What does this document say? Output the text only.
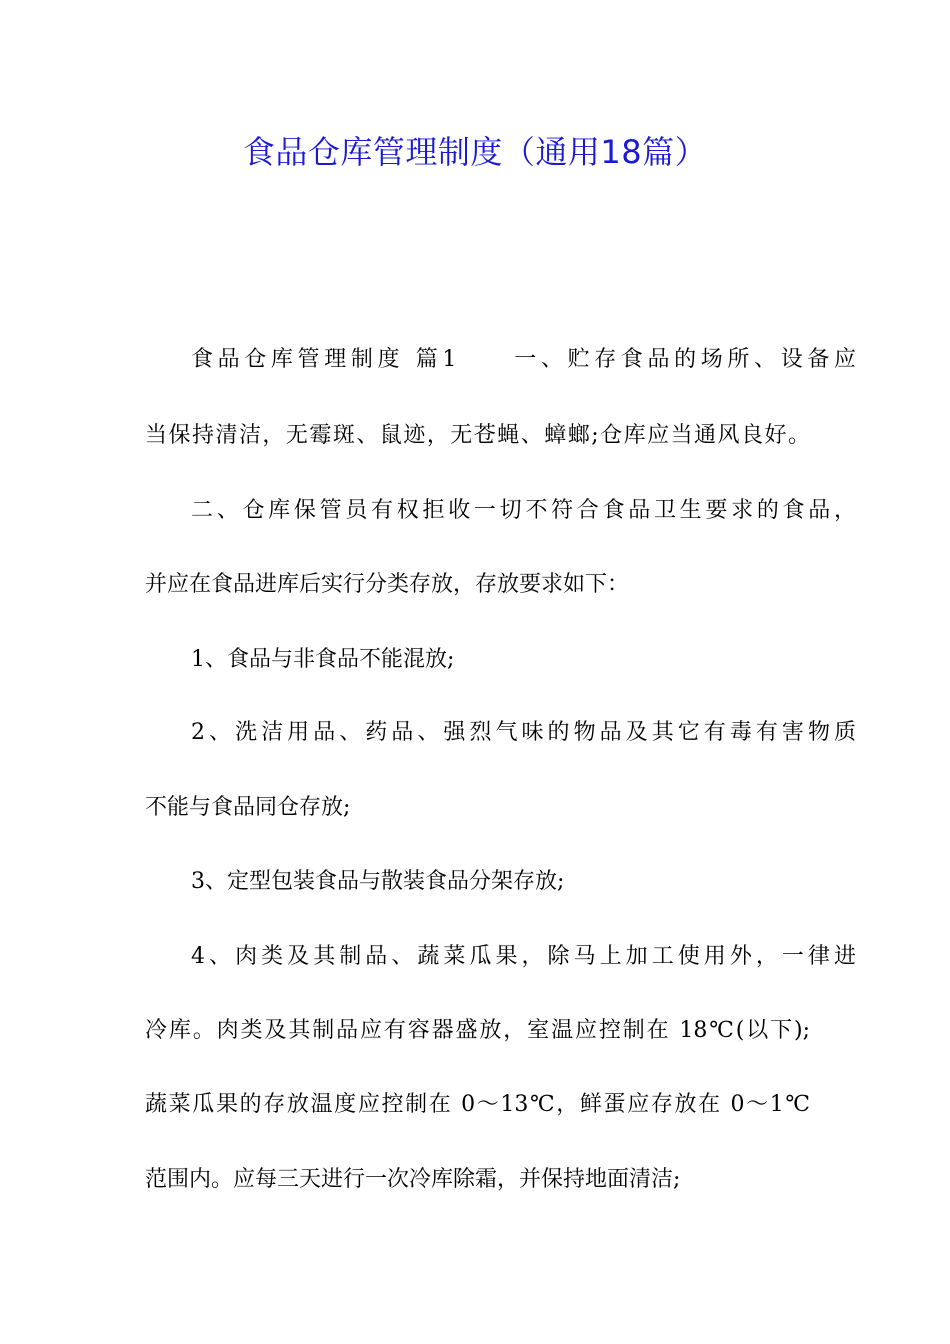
食品仓库管理制度（通用18篇）
食品仓库管理制度 篇1　　一、贮存食品的场所、设备应
当保持清洁，无霉斑、鼠迹，无苍蝇、蟑螂;仓库应当通风良好。
二、仓库保管员有权拒收一切不符合食品卫生要求的食品，
并应在食品进库后实行分类存放，存放要求如下：
1、食品与非食品不能混放;
2、洗洁用品、药品、强烈气味的物品及其它有毒有害物质
不能与食品同仓存放;
3、定型包装食品与散装食品分架存放;
4、肉类及其制品、蔬菜瓜果，除马上加工使用外，一律进
冷库。肉类及其制品应有容器盛放，室温应控制在 18℃(以下);
蔬菜瓜果的存放温度应控制在 0～13℃，鲜蛋应存放在 0～1℃
范围内。应每三天进行一次冷库除霜，并保持地面清洁;
